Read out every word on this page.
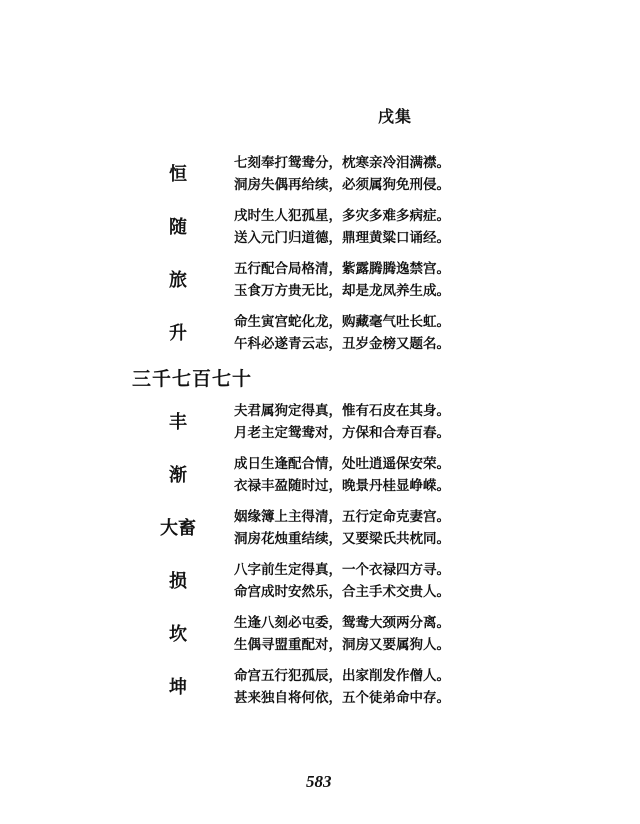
戌集
恒
七刻奉打鸳鸯分，枕寒亲冷泪满襟。
洞房失偶再给续，必须属狗免刑侵。
随
戌时生人犯孤星，多灾多难多病症。
送入元门归道德，鼎理黄粱口诵经。
旅
五行配合局格清，紫露腾腾逸禁宫。
玉食万方贵无比，却是龙凤养生成。
升
命生寅宫蛇化龙，购藏毫气吐长虹。
午科必遂青云志，丑岁金榜又题名。
三千七百七十
丰
夫君属狗定得真，惟有石皮在其身。
月老主定鸳鸯对，方保和合寿百春。
渐
成日生逢配合情，处吐逍遥保安荣。
衣禄丰盈随时过，晚景丹桂显峥嵘。
大畜
姻缘簿上主得清，五行定命克妻宫。
洞房花烛重结续，又要梁氏共枕同。
损
八字前生定得真，一个衣禄四方寻。
命宫成时安然乐，合主手术交贵人。
坎
生逢八刻必屯委，鸳鸯大颈两分离。
生偶寻盟重配对，洞房又要属狗人。
坤
命宫五行犯孤辰，出家削发作僧人。
甚来独自将何依，五个徒弟命中存。
583
